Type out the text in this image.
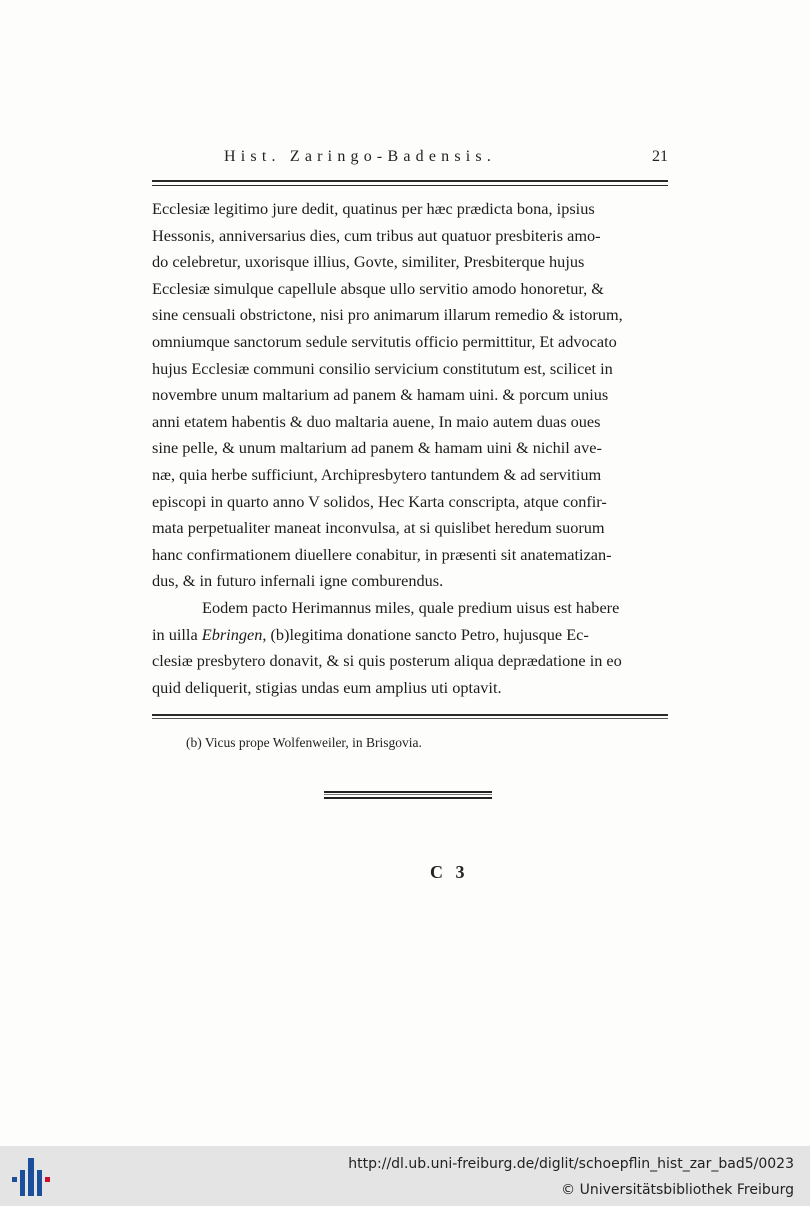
Hist. Zaringo-Badensis.	21
Ecclesiæ legitimo jure dedit, quatinus per hæc prædicta bona, ipsius
Hessonis, anniversarius dies, cum tribus aut quatuor presbiteris amo-
do celebretur, uxorisque illius, Govte, similiter, Presbiterque hujus
Ecclesiæ simulque capellule absque ullo servitio amodo honoretur, &
sine censuali obstrictone, nisi pro animarum illarum remedio & istorum,
omniumque sanctorum sedule servitutis officio permittitur, Et advocato
hujus Ecclesiæ communi consilio servicium constitutum est, scilicet in
novembre unum maltarium ad panem & hamam uini. & porcum unius
anni etatem habentis & duo maltaria auene, In maio autem duas oues
sine pelle, & unum maltarium ad panem & hamam uini & nichil ave-
næ, quia herbe sufficiunt, Archipresbytero tantundem & ad servitium
episcopi in quarto anno V solidos, Hec Karta conscripta, atque confir-
mata perpetualiter maneat inconvulsa, at si quislibet heredum suorum
hanc confirmationem diuellere conabitur, in præsenti sit anatematizan-
dus, & in futuro infernali igne comburendus.
Eodem pacto Herimannus miles, quale predium uisus est habere
in uilla Ebringen, (b)legitima donatione sancto Petro, hujusque Ec-
clesiæ presbytero donavit, & si quis posterum aliqua deprædatione in eo
quid deliquerit, stigias undas eum amplius uti optavit.
(b) Vicus prope Wolfenweiler, in Brisgovia.
C 3
http://dl.ub.uni-freiburg.de/diglit/schoepflin_hist_zar_bad5/0023
© Universitätsbibliothek Freiburg
